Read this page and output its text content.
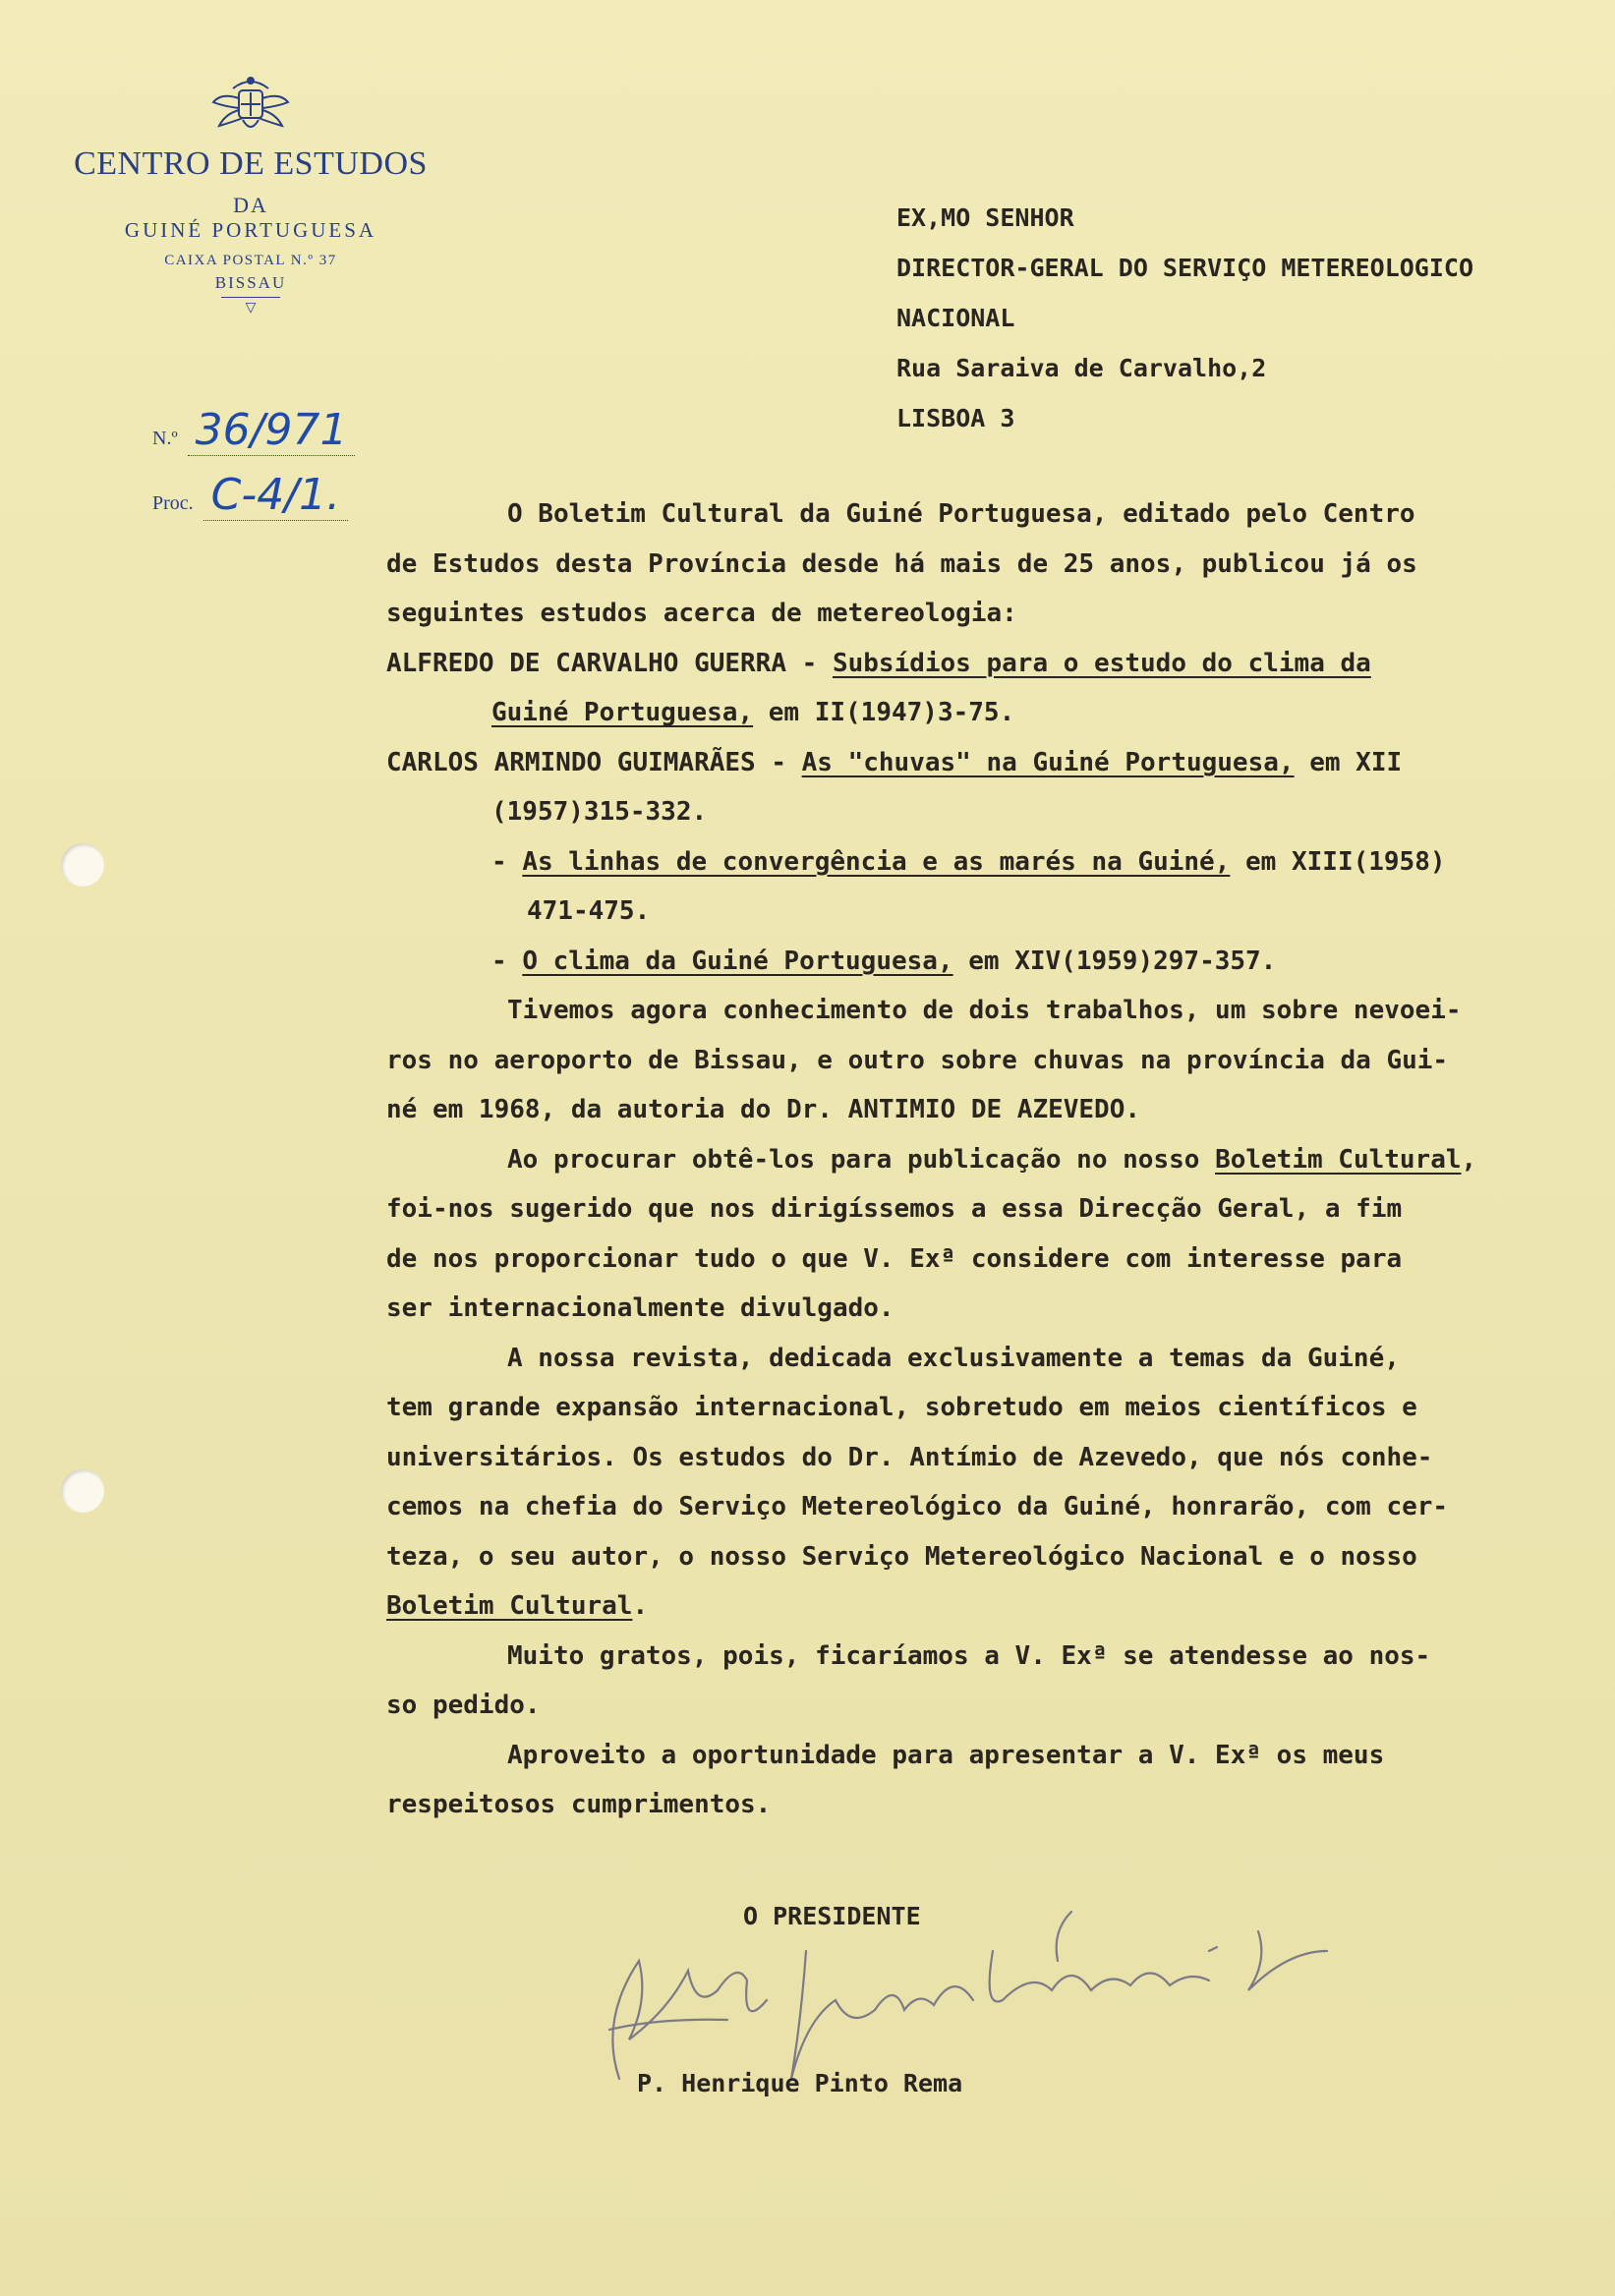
CENTRO DE ESTUDOS
DA
GUINÉ PORTUGUESA
CAIXA POSTAL N.º 37
BISSAU
▽
N.º 36/971
Proc. C-4/1.
EX,MO SENHOR
DIRECTOR-GERAL DO SERVIÇO METEREOLOGICO
NACIONAL
Rua Saraiva de Carvalho,2
LISBOA 3
O Boletim Cultural da Guiné Portuguesa, editado pelo Centro
de Estudos desta Província desde há mais de 25 anos, publicou já os
seguintes estudos acerca de metereologia:
ALFREDO DE CARVALHO GUERRA - Subsídios para o estudo do clima da
Guiné Portuguesa, em II(1947)3-75.
CARLOS ARMINDO GUIMARÃES - As "chuvas" na Guiné Portuguesa, em XII
(1957)315-332.
- As linhas de convergência e as marés na Guiné, em XIII(1958)
471-475.
- O clima da Guiné Portuguesa, em XIV(1959)297-357.
Tivemos agora conhecimento de dois trabalhos, um sobre nevoei-
ros no aeroporto de Bissau, e outro sobre chuvas na província da Gui-
né em 1968, da autoria do Dr. ANTIMIO DE AZEVEDO.
Ao procurar obtê-los para publicação no nosso Boletim Cultural,
foi-nos sugerido que nos dirigíssemos a essa Direcção Geral, a fim
de nos proporcionar tudo o que V. Exª considere com interesse para
ser internacionalmente divulgado.
A nossa revista, dedicada exclusivamente a temas da Guiné,
tem grande expansão internacional, sobretudo em meios científicos e
universitários. Os estudos do Dr. Antímio de Azevedo, que nós conhe-
cemos na chefia do Serviço Metereológico da Guiné, honrarão, com cer-
teza, o seu autor, o nosso Serviço Metereológico Nacional e o nosso
Boletim Cultural.
Muito gratos, pois, ficaríamos a V. Exª se atendesse ao nos-
so pedido.
Aproveito a oportunidade para apresentar a V. Exª os meus
respeitosos cumprimentos.
O PRESIDENTE
P. Henrique Pinto Rema
